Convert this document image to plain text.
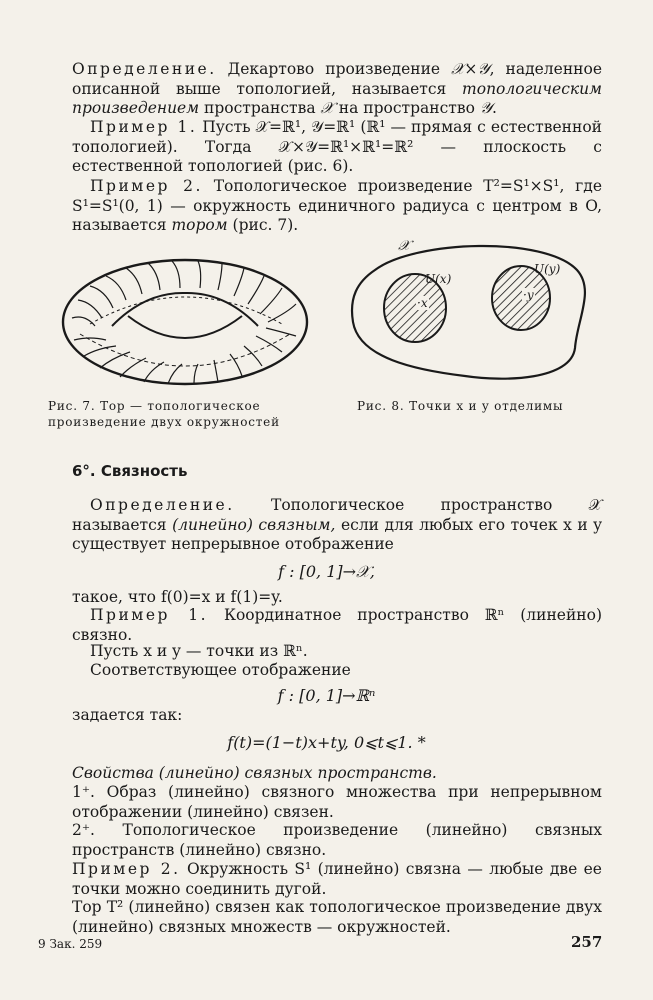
Определение. Декартово произведение 𝒳×𝒴, наделенное описанной выше топологией, называется топологическим произведением пространства 𝒳 на пространство 𝒴.

Пример 1. Пусть 𝒳=ℝ¹, 𝒴=ℝ¹ (ℝ¹ — прямая с естественной топологией). Тогда 𝒳×𝒴=ℝ¹×ℝ¹=ℝ² — плоскость с естественной топологией (рис. 6).

Пример 2. Топологическое произведение T²=S¹×S¹, где S¹=S¹(0, 1) — окружность единичного радиуса с центром в O, называется тором (рис. 7).

Рис. 7. Тор — топологическое произведение двух окружностей
𝒳
U(x)
U(y)
·x
·y
Рис. 8. Точки x и y отделимы
6°. Связность

Определение. Топологическое пространство 𝒳 называется (линейно) связным, если для любых его точек x и y существует непрерывное отображение

f : [0, 1]→𝒳,

такое, что f(0)=x и f(1)=y.

Пример 1. Координатное пространство ℝⁿ (линейно) связно.

Пусть x и y — точки из ℝⁿ.

Соответствующее отображение

f : [0, 1]→ℝⁿ

задается так:

f(t)=(1−t)x+ty, 0⩽t⩽1. *

Свойства (линейно) связных пространств.

1⁺. Образ (линейно) связного множества при непрерывном отображении (линейно) связен.

2⁺. Топологическое произведение (линейно) связных пространств (линейно) связно.

Пример 2. Окружность S¹ (линейно) связна — любые две ее точки можно соединить дугой.

Тор T² (линейно) связен как топологическое произведение двух (линейно) связных множеств — окружностей.

9 Зак. 259	257
